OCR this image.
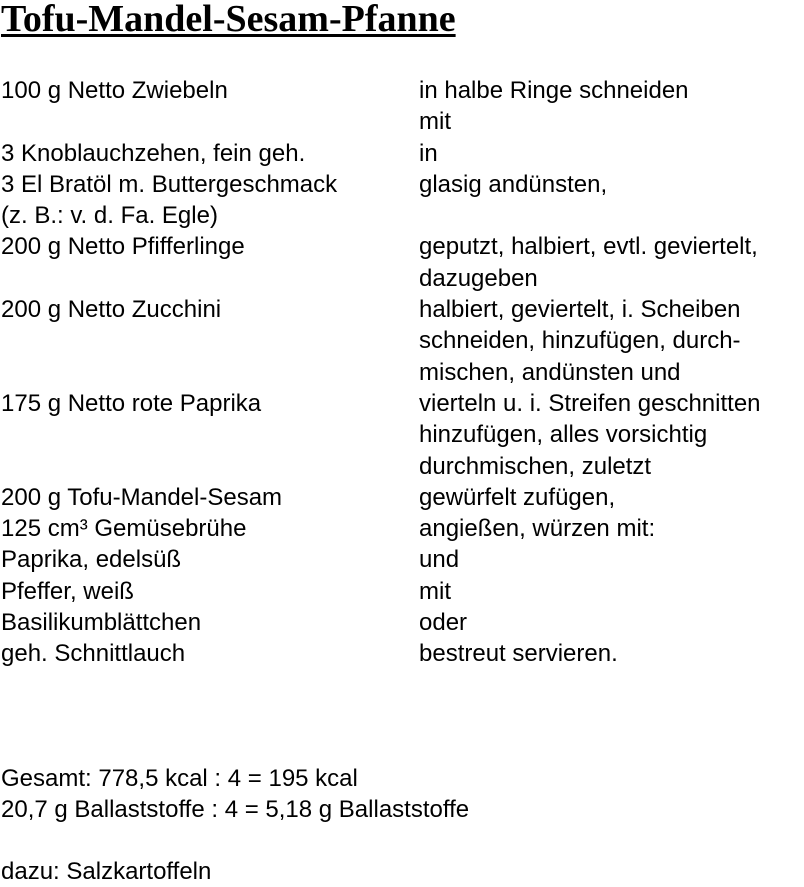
Tofu-Mandel-Sesam-Pfanne
100 g Netto Zwiebeln	in halbe Ringe schneiden
mit
3 Knoblauchzehen, fein geh.	in
3 El Bratöl m. Buttergeschmack	glasig andünsten,
(z. B.: v. d. Fa. Egle)

200 g Netto Pfifferlinge	geputzt, halbiert, evtl. geviertelt,
dazugeben
200 g Netto Zucchini	halbiert, geviertelt, i. Scheiben
schneiden, hinzufügen, durch-
mischen, andünsten und
175 g Netto rote Paprika	vierteln u. i. Streifen geschnitten
hinzufügen, alles vorsichtig
durchmischen, zuletzt
200 g Tofu-Mandel-Sesam	gewürfelt zufügen,
125 cm³ Gemüsebrühe	angießen, würzen mit:
Paprika, edelsüß	und
Pfeffer, weiß	mit
Basilikumblättchen	oder
geh. Schnittlauch	bestreut servieren.
Gesamt: 778,5 kcal : 4 = 195 kcal
20,7 g Ballaststoffe : 4 = 5,18 g Ballaststoffe
dazu: Salzkartoffeln
